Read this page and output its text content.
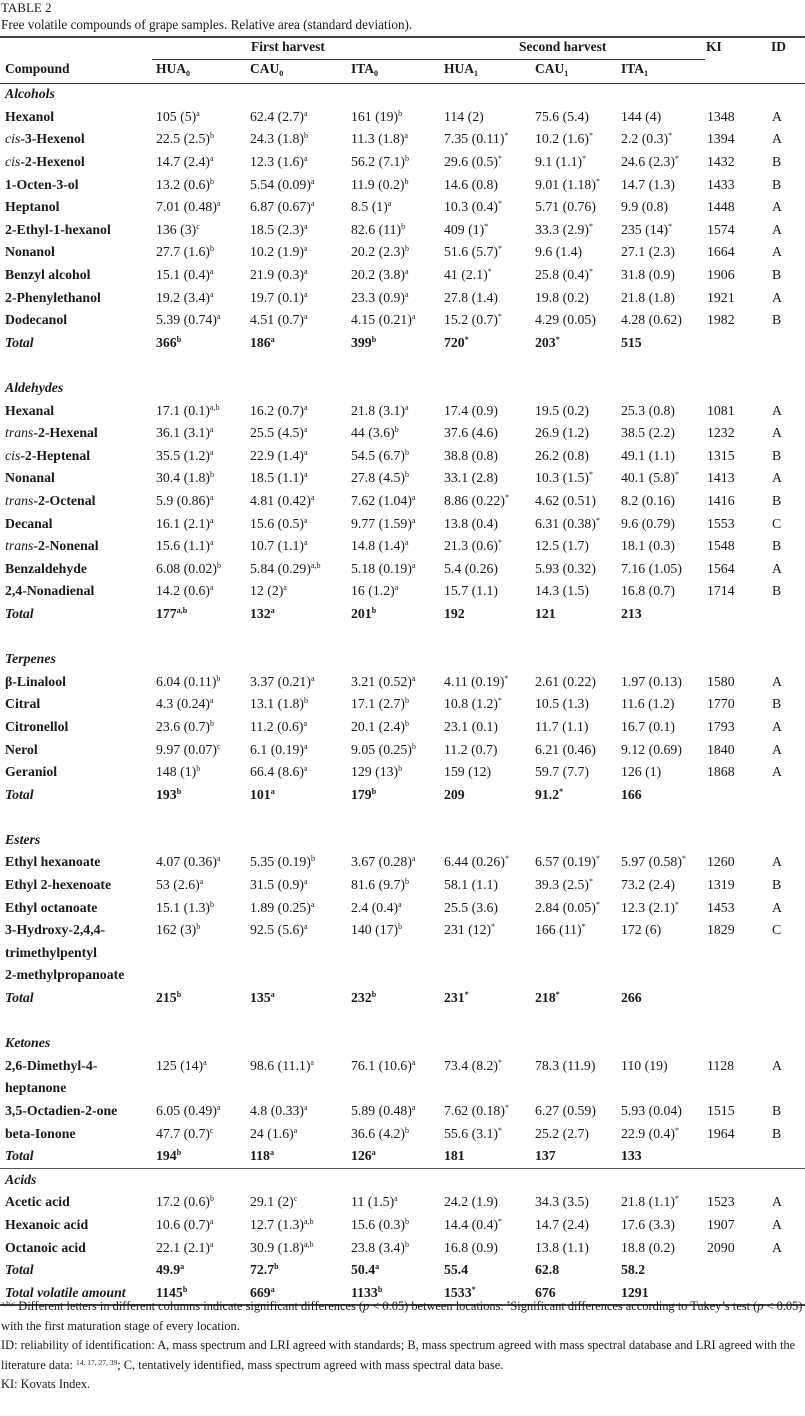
TABLE 2
Free volatile compounds of grape samples. Relative area (standard deviation).
First harvest	Second harvest	KI	ID
Compound	$HUA_0$	$CAU_0$	$ITA_0$	$HUA_1$	$CAU_1$	$ITA_1$
Alcohols								
Hexanol	105 $(5)^a$	62.4 $(2.7)^a$	161 $(19)^b$	114 (2)	75.6 (5.4)	144 (4)	1348	A
cis-3-Hexenol	22.5 $(2.5)^b$	24.3 $(1.8)^b$	11.3 $(1.8)^a$	7.35 (0.11)*	10.2 (1.6)*	2.2 (0.3)*	1394	A
cis-2-Hexenol	14.7 $(2.4)^a$	12.3 $(1.6)^a$	56.2 $(7.1)^b$	29.6 (0.5)*	9.1 (1.1)*	24.6 (2.3)*	1432	B
1-Octen-3-ol	13.2 $(0.6)^b$	5.54 $(0.09)^a$	11.9 $(0.2)^b$	14.6 (0.8)	9.01 (1.18)*	14.7 (1.3)	1433	B
Heptanol	7.01 $(0.48)^a$	6.87 $(0.67)^a$	8.5 $(1)^a$	10.3 (0.4)*	5.71 (0.76)	9.9 (0.8)	1448	A
2-Ethyl-1-hexanol	136 $(3)^c$	18.5 $(2.3)^a$	82.6 $(11)^b$	409 (1)*	33.3 (2.9)*	235 (14)*	1574	A
Nonanol	27.7 $(1.6)^b$	10.2 $(1.9)^a$	20.2 $(2.3)^b$	51.6 (5.7)*	9.6 (1.4)	27.1 (2.3)	1664	A
Benzyl alcohol	15.1 $(0.4)^a$	21.9 $(0.3)^a$	20.2 $(3.8)^a$	41 (2.1)*	25.8 (0.4)*	31.8 (0.9)	1906	B
2-Phenylethanol	19.2 $(3.4)^a$	19.7 $(0.1)^a$	23.3 $(0.9)^a$	27.8 (1.4)	19.8 (0.2)	21.8 (1.8)	1921	A
Dodecanol	5.39 $(0.74)^a$	4.51 $(0.7)^a$	4.15 $(0.21)^a$	15.2 (0.7)*	4.29 (0.05)	4.28 (0.62)	1982	B
Total	366$^b$	186$^a$	399$^b$	720*	203*	515		

Aldehydes								
Hexanal	17.1 $(0.1)^{a,b}$	16.2 $(0.7)^a$	21.8 $(3.1)^a$	17.4 (0.9)	19.5 (0.2)	25.3 (0.8)	1081	A
trans-2-Hexenal	36.1 $(3.1)^a$	25.5 $(4.5)^a$	44 $(3.6)^b$	37.6 (4.6)	26.9 (1.2)	38.5 (2.2)	1232	A
cis-2-Heptenal	35.5 $(1.2)^a$	22.9 $(1.4)^a$	54.5 $(6.7)^b$	38.8 (0.8)	26.2 (0.8)	49.1 (1.1)	1315	B
Nonanal	30.4 $(1.8)^b$	18.5 $(1.1)^a$	27.8 $(4.5)^b$	33.1 (2.8)	10.3 (1.5)*	40.1 (5.8)*	1413	A
trans-2-Octenal	5.9 $(0.86)^a$	4.81 $(0.42)^a$	7.62 $(1.04)^a$	8.86 (0.22)*	4.62 (0.51)	8.2 (0.16)	1416	B
Decanal	16.1 $(2.1)^a$	15.6 $(0.5)^a$	9.77 $(1.59)^a$	13.8 (0.4)	6.31 (0.38)*	9.6 (0.79)	1553	C
trans-2-Nonenal	15.6 $(1.1)^a$	10.7 $(1.1)^a$	14.8 $(1.4)^a$	21.3 (0.6)*	12.5 (1.7)	18.1 (0.3)	1548	B
Benzaldehyde	6.08 $(0.02)^b$	5.84 $(0.29)^{a,b}$	5.18 $(0.19)^a$	5.4 (0.26)	5.93 (0.32)	7.16 (1.05)	1564	A
2,4-Nonadienal	14.2 $(0.6)^a$	12 $(2)^a$	16 $(1.2)^a$	15.7 (1.1)	14.3 (1.5)	16.8 (0.7)	1714	B
Total	177$^{a,b}$	132$^a$	201$^b$	192	121	213		

Terpenes								
β-Linalool	6.04 $(0.11)^b$	3.37 $(0.21)^a$	3.21 $(0.52)^a$	4.11 (0.19)*	2.61 (0.22)	1.97 (0.13)	1580	A
Citral	4.3 $(0.24)^a$	13.1 $(1.8)^b$	17.1 $(2.7)^b$	10.8 (1.2)*	10.5 (1.3)	11.6 (1.2)	1770	B
Citronellol	23.6 $(0.7)^b$	11.2 $(0.6)^a$	20.1 $(2.4)^b$	23.1 (0.1)	11.7 (1.1)	16.7 (0.1)	1793	A
Nerol	9.97 $(0.07)^c$	6.1 $(0.19)^a$	9.05 $(0.25)^b$	11.2 (0.7)	6.21 (0.46)	9.12 (0.69)	1840	A
Geraniol	148 $(1)^b$	66.4 $(8.6)^a$	129 $(13)^b$	159 (12)	59.7 (7.7)	126 (1)	1868	A
Total	193$^b$	101$^a$	179$^b$	209	91.2*	166		

Esters								
Ethyl hexanoate	4.07 $(0.36)^a$	5.35 $(0.19)^b$	3.67 $(0.28)^a$	6.44 (0.26)*	6.57 (0.19)*	5.97 (0.58)*	1260	A
Ethyl 2-hexenoate	53 $(2.6)^a$	31.5 $(0.9)^a$	81.6 $(9.7)^b$	58.1 (1.1)	39.3 (2.5)*	73.2 (2.4)	1319	B
Ethyl octanoate	15.1 $(1.3)^b$	1.89 $(0.25)^a$	2.4 $(0.4)^a$	25.5 (3.6)	2.84 (0.05)*	12.3 (2.1)*	1453	A
3-Hydroxy-2,4,4-
trimethylpentyl
2-methylpropanoate	162 $(3)^b$	92.5 $(5.6)^a$	140 $(17)^b$	231 (12)*	166 (11)*	172 (6)	1829	C
Total	215$^b$	135$^a$	232$^b$	231*	218*	266		

Ketones								
2,6-Dimethyl-4-
heptanone	125 $(14)^a$	98.6 $(11.1)^a$	76.1 $(10.6)^a$	73.4 (8.2)*	78.3 (11.9)	110 (19)	1128	A
3,5-Octadien-2-one	6.05 $(0.49)^a$	4.8 $(0.33)^a$	5.89 $(0.48)^a$	7.62 (0.18)*	6.27 (0.59)	5.93 (0.04)	1515	B
beta-Ionone	47.7 $(0.7)^c$	24 $(1.6)^a$	36.6 $(4.2)^b$	55.6 (3.1)*	25.2 (2.7)	22.9 (0.4)*	1964	B
Total	194$^b$	118$^a$	126$^a$	181	137	133		
Acids								
Acetic acid	17.2 $(0.6)^b$	29.1 $(2)^c$	11 $(1.5)^a$	24.2 (1.9)	34.3 (3.5)	21.8 (1.1)*	1523	A
Hexanoic acid	10.6 $(0.7)^a$	12.7 $(1.3)^{a,b}$	15.6 $(0.3)^b$	14.4 (0.4)*	14.7 (2.4)	17.6 (3.3)	1907	A
Octanoic acid	22.1 $(2.1)^a$	30.9 $(1.8)^{a,b}$	23.8 $(3.4)^b$	16.8 (0.9)	13.8 (1.1)	18.8 (0.2)	2090	A
Total	49.9$^a$	72.7$^b$	50.4$^a$	55.4	62.8	58.2		
Total volatile amount	1145$^b$	669$^a$	1133$^b$	1533*	676	1291		

$^{a,b,c}$ Different letters in different columns indicate significant differences (p < 0.05) between locations. *Significant differences according to Tukey’s test (p < 0.05) with the first maturation stage of every location.

ID: reliability of identification: A, mass spectrum and LRI agreed with standards; B, mass spectrum agreed with mass spectral database and LRI agreed with the literature data: $^{14, 17, 27, 39}$; C, tentatively identified, mass spectrum agreed with mass spectral data base.

KI: Kovats Index.
